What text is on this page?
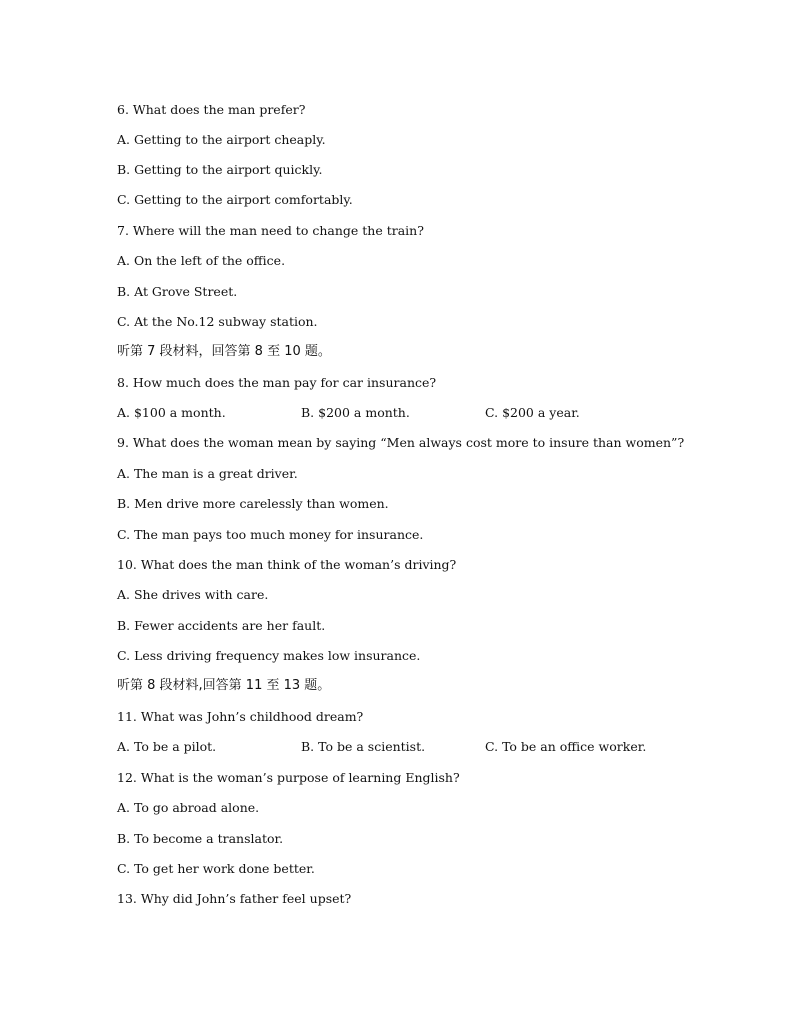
6. What does the man prefer?
A. Getting to the airport cheaply.
B. Getting to the airport quickly.
C. Getting to the airport comfortably.
7. Where will the man need to change the train?
A. On the left of the office.
B. At Grove Street.
C. At the No.12 subway station.
听第 7 段材料，回答第 8 至 10 题。
8. How much does the man pay for car insurance?
A. $100 a month.	B. $200 a month.	C. $200 a year.
9. What does the woman mean by saying “Men always cost more to insure than women”?
A. The man is a great driver.
B. Men drive more carelessly than women.
C. The man pays too much money for insurance.
10. What does the man think of the woman’s driving?
A. She drives with care.
B. Fewer accidents are her fault.
C. Less driving frequency makes low insurance.
听第 8 段材料,回答第 11 至 13 题。
11. What was John’s childhood dream?
A. To be a pilot.	B. To be a scientist.	C. To be an office worker.
12. What is the woman’s purpose of learning English?
A. To go abroad alone.
B. To become a translator.
C. To get her work done better.
13. Why did John’s father feel upset?
